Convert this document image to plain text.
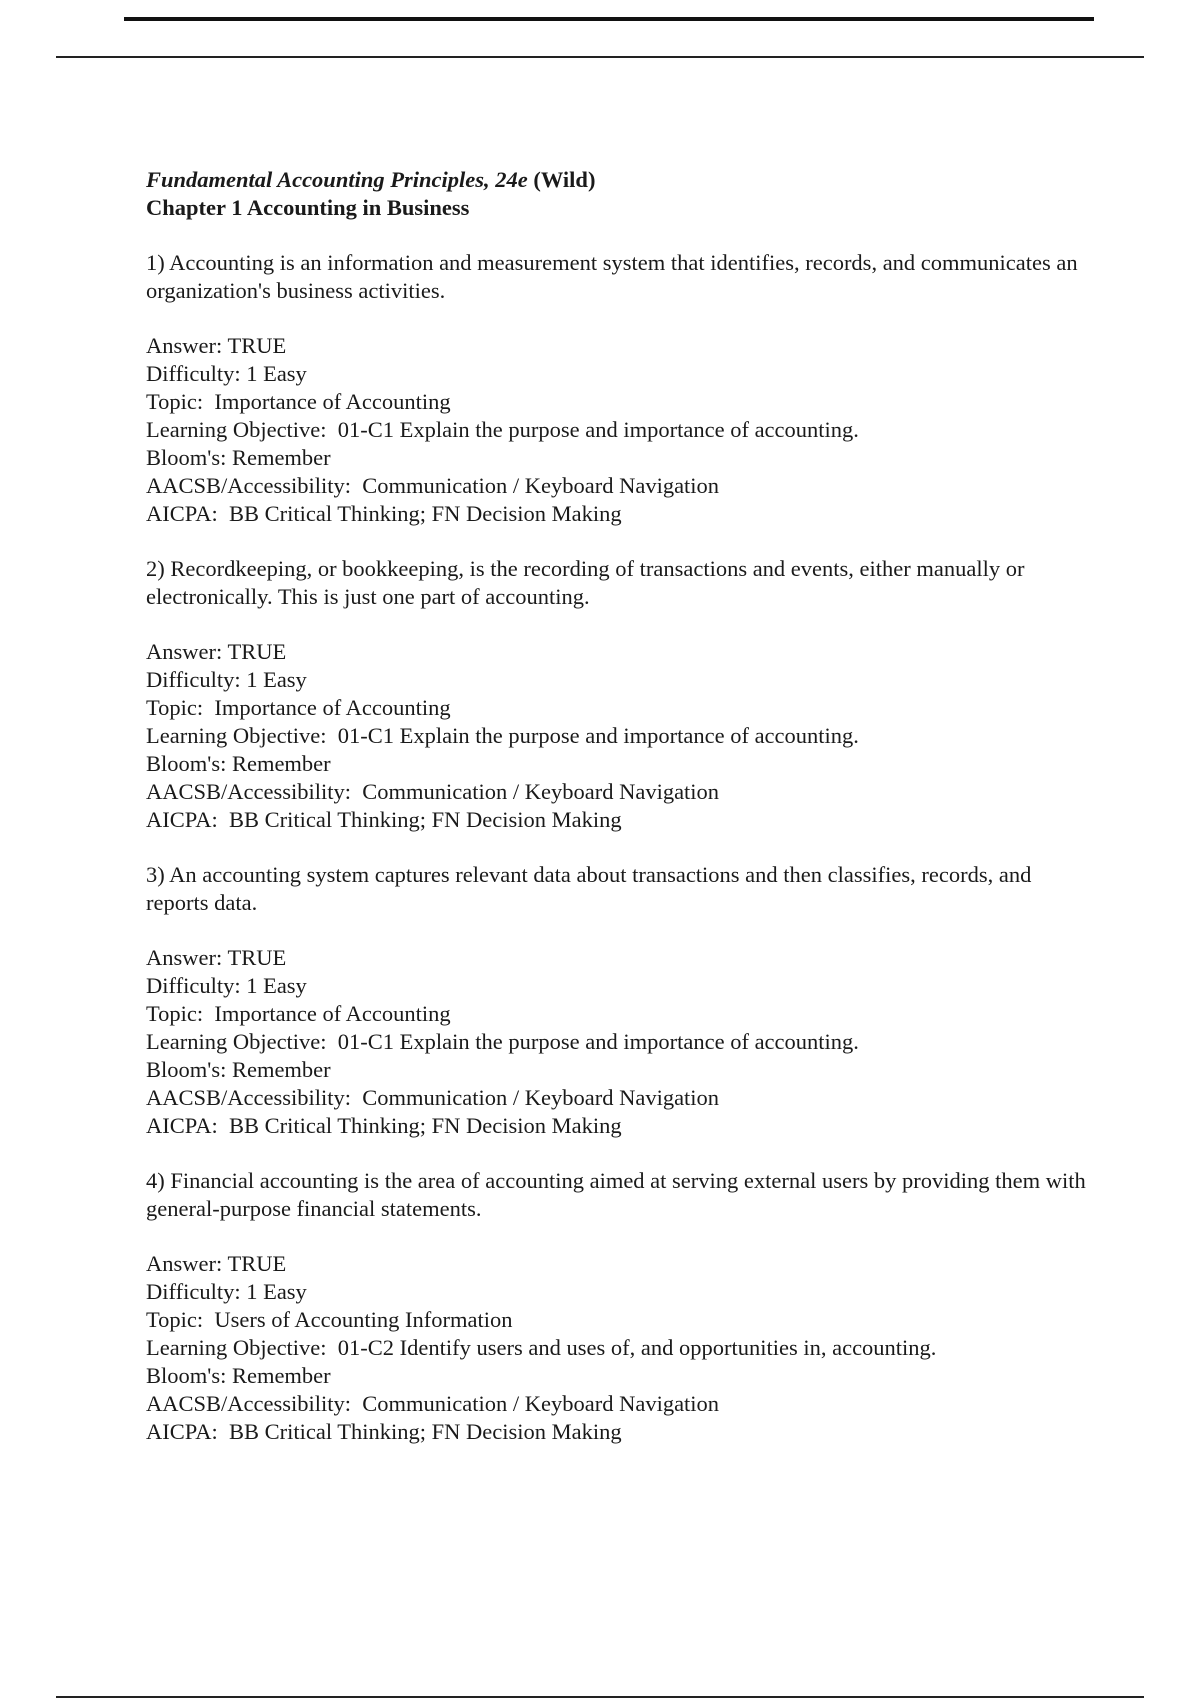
Fundamental Accounting Principles, 24e (Wild)
Chapter 1 Accounting in Business

1) Accounting is an information and measurement system that identifies, records, and communicates an organization's business activities.

Answer: TRUE
Difficulty: 1 Easy
Topic:  Importance of Accounting
Learning Objective:  01-C1 Explain the purpose and importance of accounting.
Bloom's: Remember
AACSB/Accessibility:  Communication / Keyboard Navigation
AICPA:  BB Critical Thinking; FN Decision Making

2) Recordkeeping, or bookkeeping, is the recording of transactions and events, either manually or electronically. This is just one part of accounting.

Answer: TRUE
Difficulty: 1 Easy
Topic:  Importance of Accounting
Learning Objective:  01-C1 Explain the purpose and importance of accounting.
Bloom's: Remember
AACSB/Accessibility:  Communication / Keyboard Navigation
AICPA:  BB Critical Thinking; FN Decision Making

3) An accounting system captures relevant data about transactions and then classifies, records, and reports data.

Answer: TRUE
Difficulty: 1 Easy
Topic:  Importance of Accounting
Learning Objective:  01-C1 Explain the purpose and importance of accounting.
Bloom's: Remember
AACSB/Accessibility:  Communication / Keyboard Navigation
AICPA:  BB Critical Thinking; FN Decision Making

4) Financial accounting is the area of accounting aimed at serving external users by providing them with general-purpose financial statements.

Answer: TRUE
Difficulty: 1 Easy
Topic:  Users of Accounting Information
Learning Objective:  01-C2 Identify users and uses of, and opportunities in, accounting.
Bloom's: Remember
AACSB/Accessibility:  Communication / Keyboard Navigation
AICPA:  BB Critical Thinking; FN Decision Making
